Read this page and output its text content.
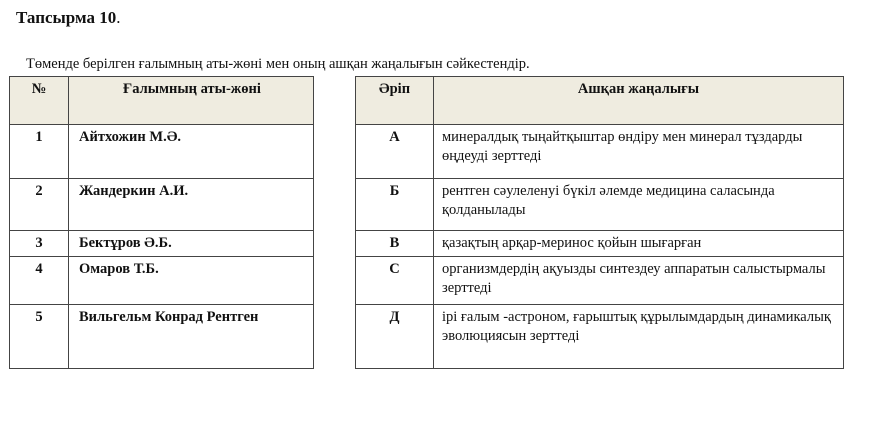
Тапсырма 10.
Төменде берілген ғалымның аты-жөні мен оның ашқан жаңалығын сәйкестендір.
№	Ғалымның аты-жөні
1	Айтхожин М.Ә.
2	Жандеркин А.И.
3	Бектұров Ә.Б.
4	Омаров Т.Б.
5	Вильгельм Конрад Рентген
Әріп	Ашқан жаңалығы
А	минералдық тыңайтқыштар өндіру мен минерал тұздарды өңдеуді зерттеді
Б	рентген сәулеленуі бүкіл әлемде медицина саласында қолданылады
В	қазақтың арқар-меринос қойын шығарған
С	организмдердің ақуызды синтездеу аппаратын салыстырмалы зерттеді
Д	ірі ғалым -астроном, ғарыштық құрылымдардың динамикалық эволюциясын зерттеді
